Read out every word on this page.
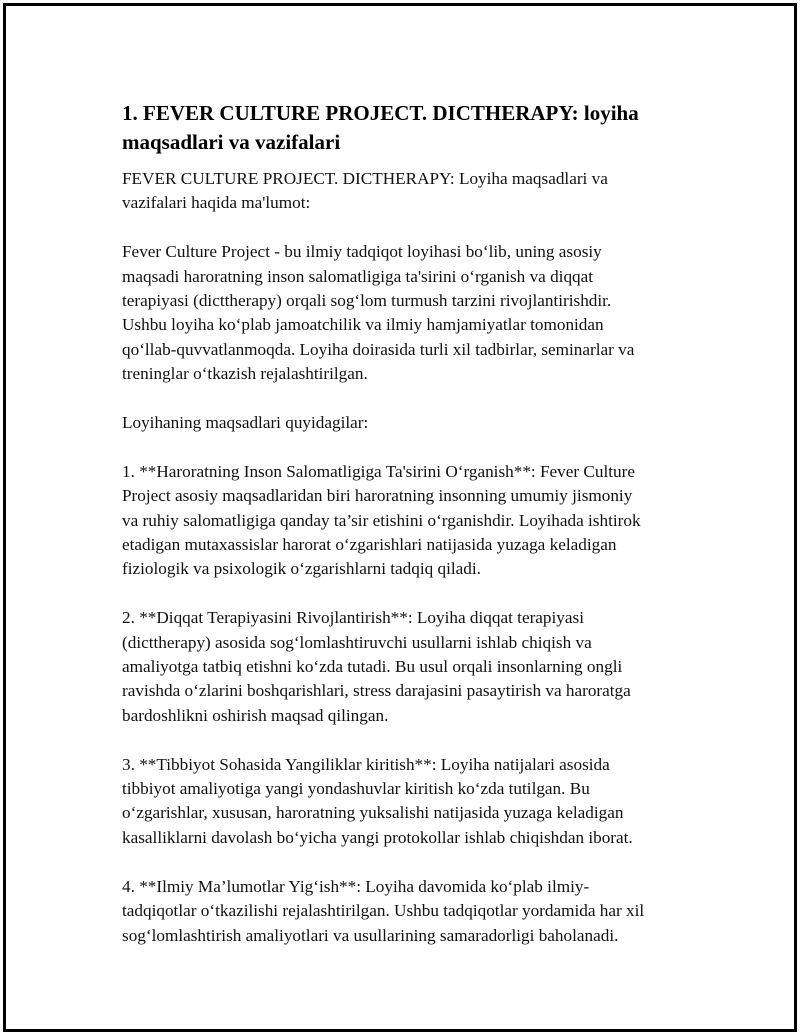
1. FEVER CULTURE PROJECT. DICTHERAPY: loyiha
maqsadlari va vazifalari

FEVER CULTURE PROJECT. DICTHERAPY: Loyiha maqsadlari va
vazifalari haqida ma'lumot:

Fever Culture Project - bu ilmiy tadqiqot loyihasi bo‘lib, uning asosiy
maqsadi haroratning inson salomatligiga ta'sirini o‘rganish va diqqat
terapiyasi (dicttherapy) orqali sog‘lom turmush tarzini rivojlantirishdir.
Ushbu loyiha ko‘plab jamoatchilik va ilmiy hamjamiyatlar tomonidan
qo‘llab-quvvatlanmoqda. Loyiha doirasida turli xil tadbirlar, seminarlar va
treninglar o‘tkazish rejalashtirilgan.

Loyihaning maqsadlari quyidagilar:

1. **Haroratning Inson Salomatligiga Ta'sirini O‘rganish**: Fever Culture
Project asosiy maqsadlaridan biri haroratning insonning umumiy jismoniy
va ruhiy salomatligiga qanday ta’sir etishini o‘rganishdir. Loyihada ishtirok
etadigan mutaxassislar harorat o‘zgarishlari natijasida yuzaga keladigan
fiziologik va psixologik o‘zgarishlarni tadqiq qiladi.

2. **Diqqat Terapiyasini Rivojlantirish**: Loyiha diqqat terapiyasi
(dicttherapy) asosida sog‘lomlashtiruvchi usullarni ishlab chiqish va
amaliyotga tatbiq etishni ko‘zda tutadi. Bu usul orqali insonlarning ongli
ravishda o‘zlarini boshqarishlari, stress darajasini pasaytirish va haroratga
bardoshlikni oshirish maqsad qilingan.

3. **Tibbiyot Sohasida Yangiliklar kiritish**: Loyiha natijalari asosida
tibbiyot amaliyotiga yangi yondashuvlar kiritish ko‘zda tutilgan. Bu
o‘zgarishlar, xususan, haroratning yuksalishi natijasida yuzaga keladigan
kasalliklarni davolash bo‘yicha yangi protokollar ishlab chiqishdan iborat.

4. **Ilmiy Ma’lumotlar Yig‘ish**: Loyiha davomida ko‘plab ilmiy-
tadqiqotlar o‘tkazilishi rejalashtirilgan. Ushbu tadqiqotlar yordamida har xil
sog‘lomlashtirish amaliyotlari va usullarining samaradorligi baholanadi.
